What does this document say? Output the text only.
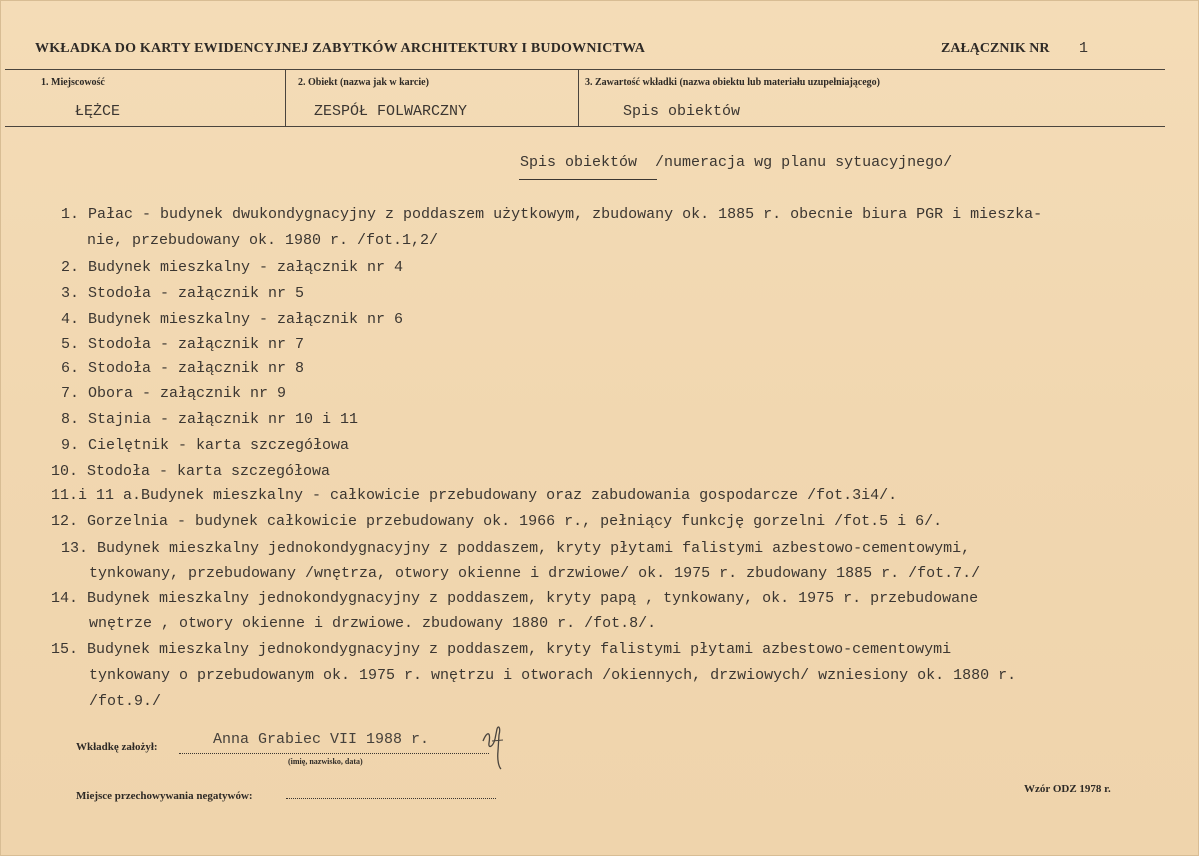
WKŁADKA DO KARTY EWIDENCYJNEJ ZABYTKÓW ARCHITEKTURY I BUDOWNICTWA	ZAŁĄCZNIK NR 1
1. Miejscowość
ŁĘŻCE
2. Obiekt (nazwa jak w karcie)
ZESPÓŁ FOLWARCZNY
3. Zawartość wkładki (nazwa obiektu lub materiału uzupełniającego)
Spis obiektów
Spis obiektów /numeracja wg planu sytuacyjnego/
1. Pałac - budynek dwukondygnacyjny z poddaszem użytkowym, zbudowany ok. 1885 r. obecnie biura PGR i mieszka-
nie, przebudowany ok. 1980 r. /fot.1,2/
2. Budynek mieszkalny - załącznik nr 4
3. Stodoła - załącznik nr 5
4. Budynek mieszkalny - załącznik nr 6
5. Stodoła - załącznik nr 7
6. Stodoła - załącznik nr 8
7. Obora - załącznik nr 9
8. Stajnia - załącznik nr 10 i 11
9. Cielętnik - karta szczegółowa
10. Stodoła - karta szczegółowa
11.i 11 a.Budynek mieszkalny - całkowicie przebudowany oraz zabudowania gospodarcze /fot.3i4/.
12. Gorzelnia - budynek całkowicie przebudowany ok. 1966 r., pełniący funkcję gorzelni /fot.5 i 6/.
13. Budynek mieszkalny jednokondygnacyjny z poddaszem, kryty płytami falistymi azbestowo-cementowymi,
tynkowany, przebudowany /wnętrza, otwory okienne i drzwiowe/ ok. 1975 r. zbudowany 1885 r. /fot.7./
14. Budynek mieszkalny jednokondygnacyjny z poddaszem, kryty papą , tynkowany, ok. 1975 r. przebudowane
wnętrze , otwory okienne i drzwiowe. zbudowany 1880 r. /fot.8/.
15. Budynek mieszkalny jednokondygnacyjny z poddaszem, kryty falistymi płytami azbestowo-cementowymi
tynkowany o przebudowanym ok. 1975 r. wnętrzu i otworach /okiennych, drzwiowych/ wzniesiony ok. 1880 r.
/fot.9./
Wkładkę założył:	Anna Grabiec VII 1988 r.
(imię, nazwisko, data)
Miejsce przechowywania negatywów:
Wzór ODZ 1978 r.
